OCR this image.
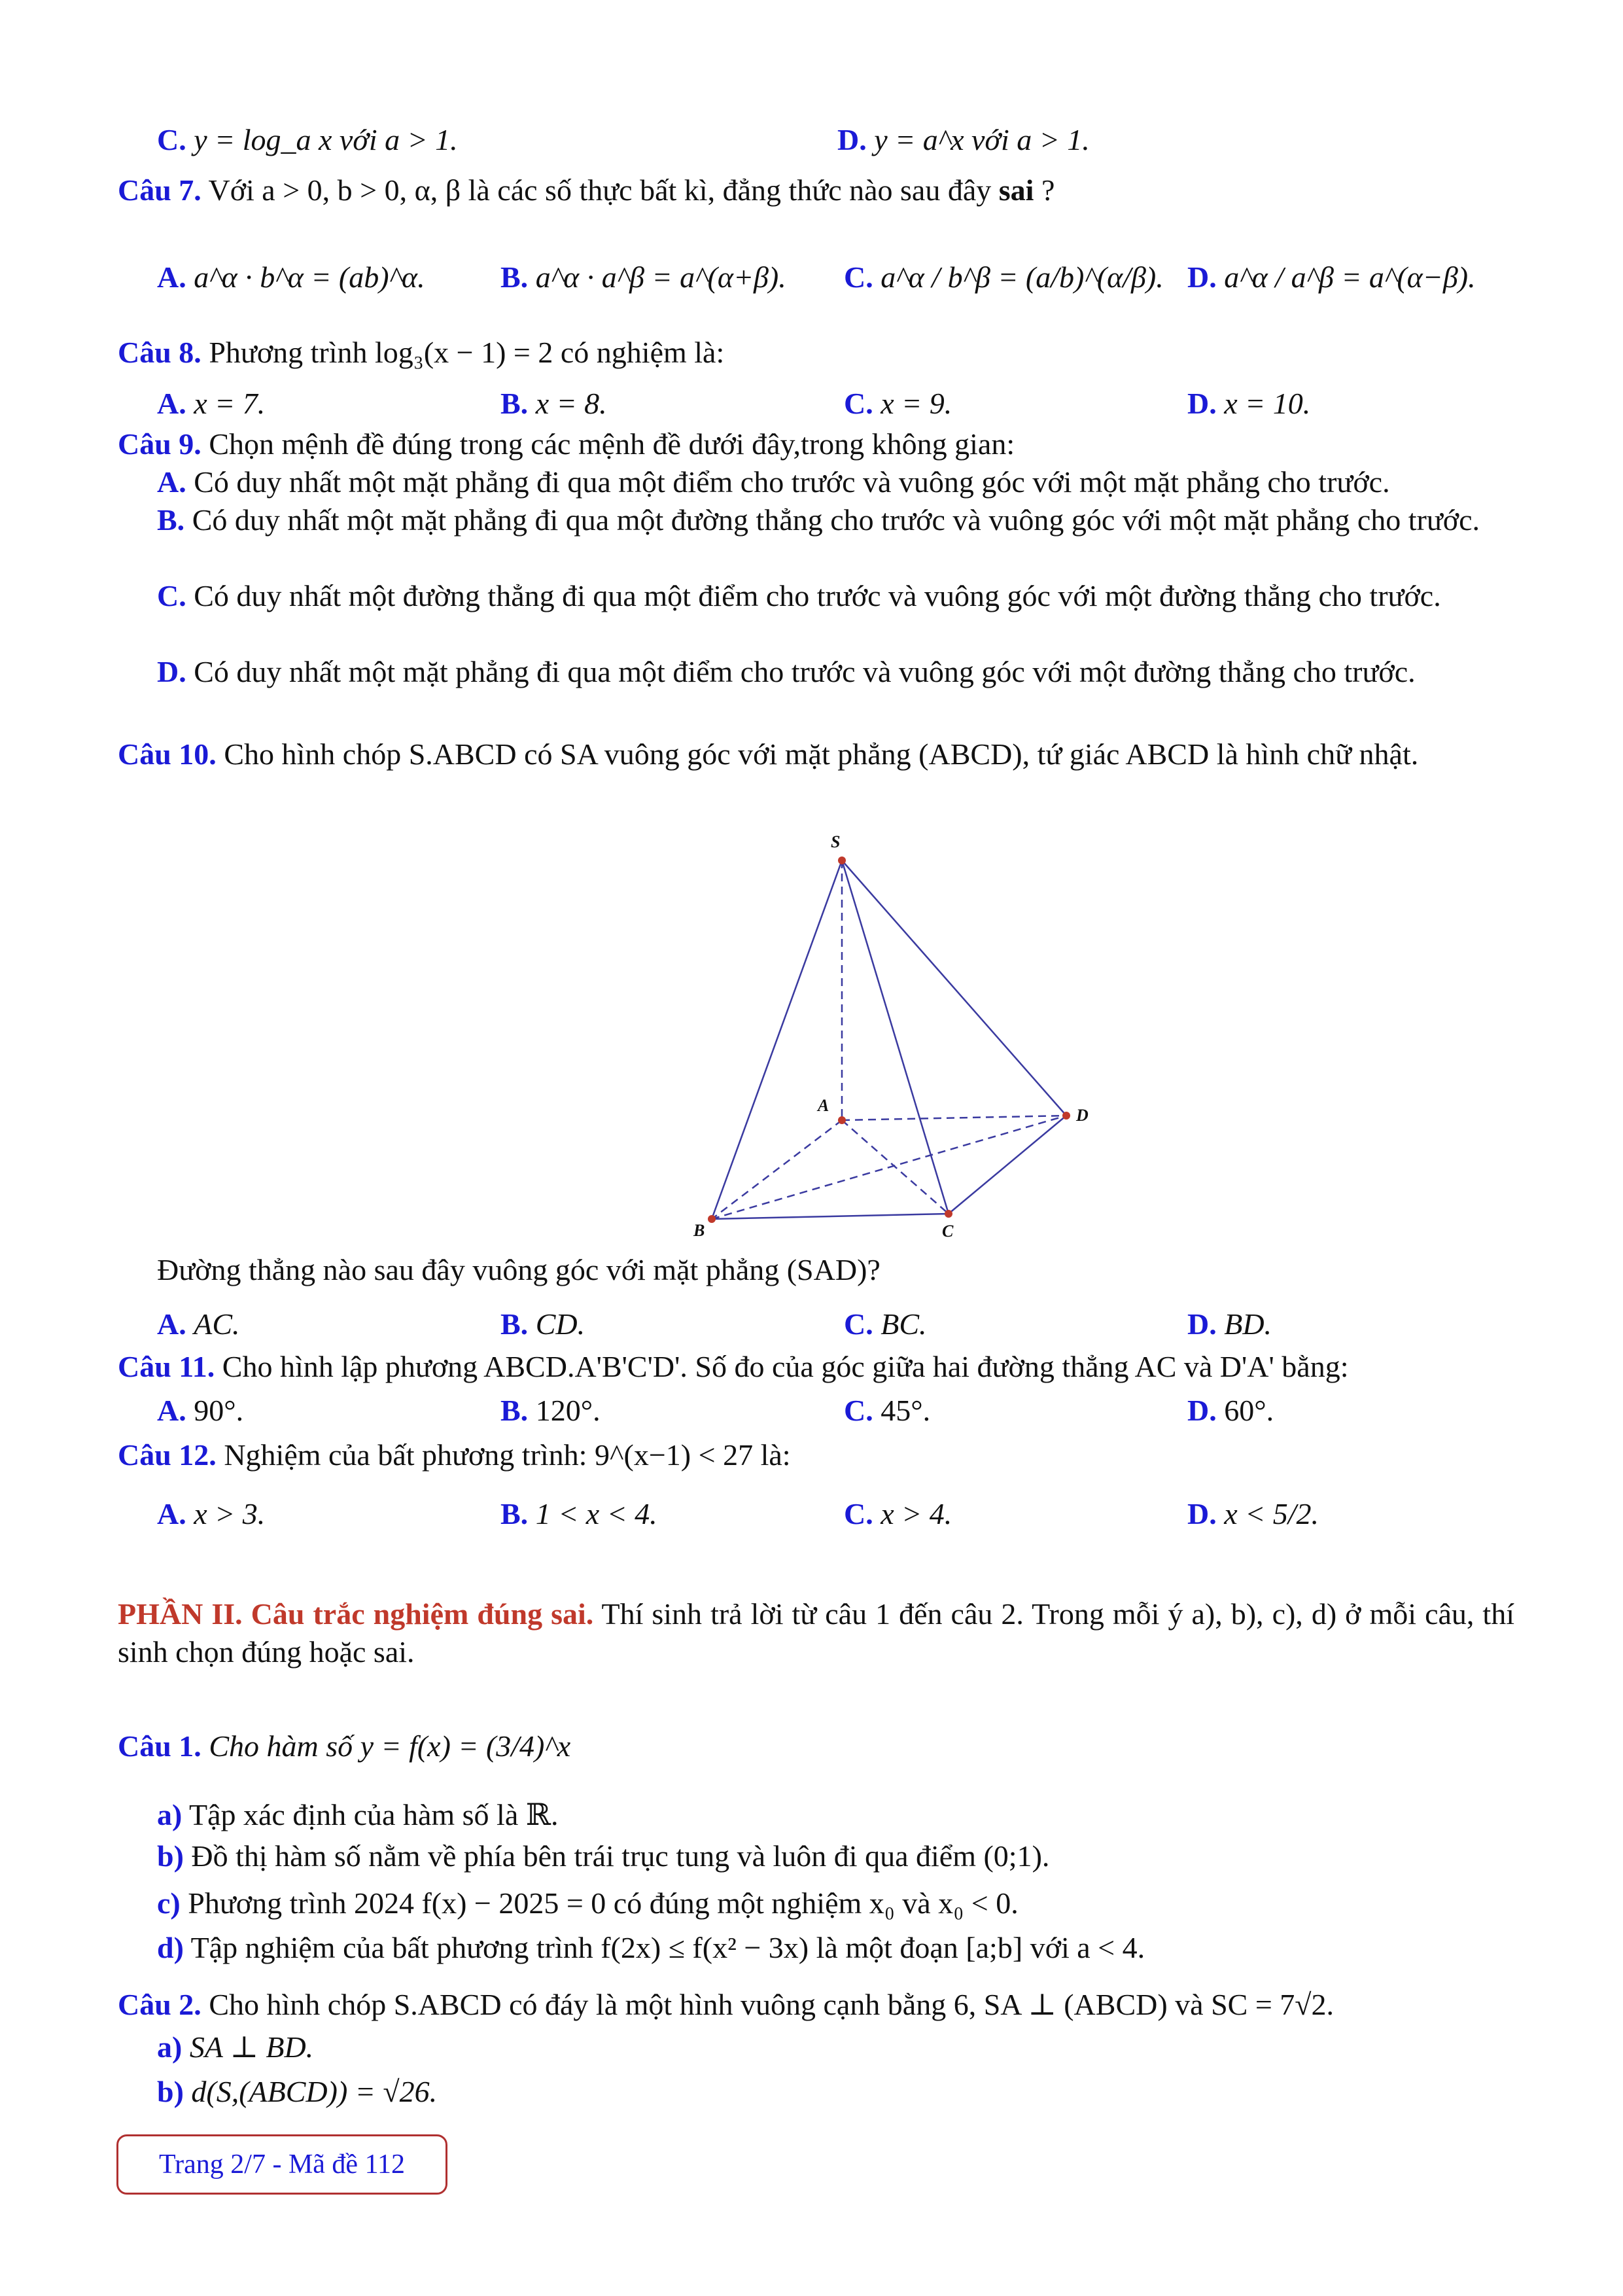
C. y = log_a x với a > 1.	D. y = a^x với a > 1.
Câu 7. Với a > 0, b > 0, α, β là các số thực bất kì, đẳng thức nào sau đây sai ?
A. a^α · b^α = (ab)^α.	B. a^α · a^β = a^(α+β). C. a^α / b^β = (a/b)^(α/β). D. a^α / a^β = a^(α−β).
Câu 8. Phương trình log₃(x − 1) = 2 có nghiệm là:
A. x = 7.	B. x = 8.	C. x = 9.	D. x = 10.
Câu 9. Chọn mệnh đề đúng trong các mệnh đề dưới đây,trong không gian:
A. Có duy nhất một mặt phẳng đi qua một điểm cho trước và vuông góc với một mặt phẳng cho trước.
B. Có duy nhất một mặt phẳng đi qua một đường thẳng cho trước và vuông góc với một mặt phẳng cho trước.
C. Có duy nhất một đường thẳng đi qua một điểm cho trước và vuông góc với một đường thẳng cho trước.
D. Có duy nhất một mặt phẳng đi qua một điểm cho trước và vuông góc với một đường thẳng cho trước.
Câu 10. Cho hình chóp S.ABCD có SA vuông góc với mặt phẳng (ABCD), tứ giác ABCD là hình chữ nhật.
S
A
B	C
D
Đường thẳng nào sau đây vuông góc với mặt phẳng (SAD)?
A. AC.	B. CD.	C. BC.	D. BD.
Câu 11. Cho hình lập phương ABCD.A'B'C'D'. Số đo của góc giữa hai đường thẳng AC và D'A' bằng:
A. 90°.	B. 120°.	C. 45°.	D. 60°.
Câu 12. Nghiệm của bất phương trình: 9^(x−1) < 27 là:
A. x > 3.	B. 1 < x < 4.	C. x > 4.	D. x < 5/2.
PHẦN II. Câu trắc nghiệm đúng sai. Thí sinh trả lời từ câu 1 đến câu 2. Trong mỗi ý a), b), c), d) ở mỗi câu, thí sinh chọn đúng hoặc sai.
Câu 1. Cho hàm số y = f(x) = (3/4)^x
a) Tập xác định của hàm số là ℝ.
b) Đồ thị hàm số nằm về phía bên trái trục tung và luôn đi qua điểm (0;1).
c) Phương trình 2024 f(x) − 2025 = 0 có đúng một nghiệm x₀ và x₀ < 0.
d) Tập nghiệm của bất phương trình f(2x) ≤ f(x² − 3x) là một đoạn [a;b] với a < 4.
Câu 2. Cho hình chóp S.ABCD có đáy là một hình vuông cạnh bằng 6, SA ⊥ (ABCD) và SC = 7√2.
a) SA ⊥ BD.
b) d(S,(ABCD)) = √26.
Trang 2/7 - Mã đề 112
